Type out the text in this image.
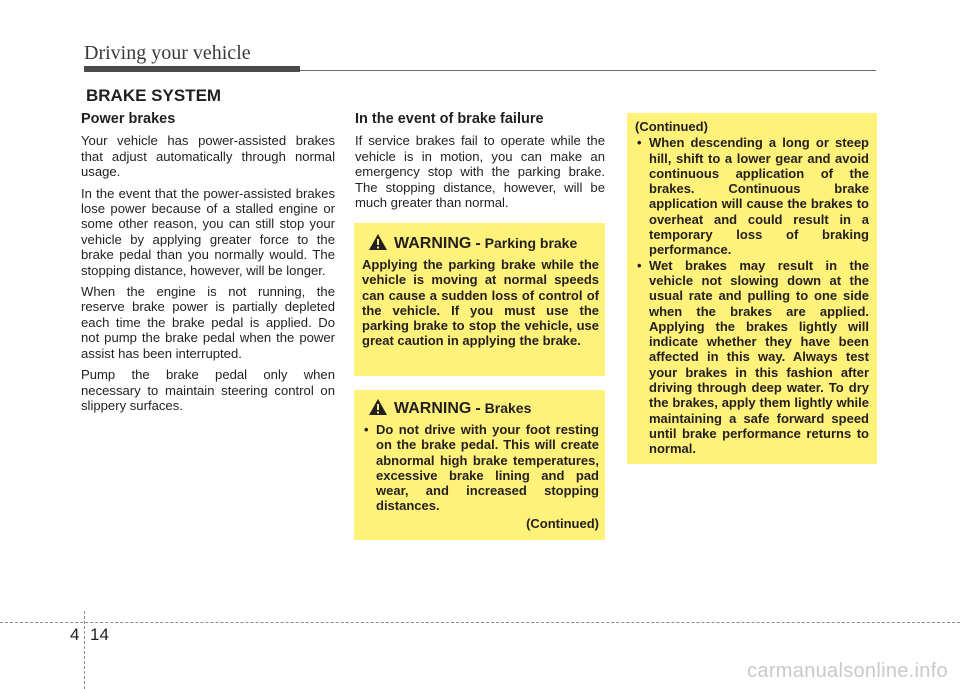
Driving your vehicle
BRAKE SYSTEM
Power brakes

Your vehicle has power-assisted brakes that adjust automatically through normal usage.

In the event that the power-assisted brakes lose power because of a stalled engine or some other reason, you can still stop your vehicle by applying greater force to the brake pedal than you normally would. The stopping distance, however, will be longer.

When the engine is not running, the reserve brake power is partially depleted each time the brake pedal is applied. Do not pump the brake pedal when the power assist has been interrupted.

Pump the brake pedal only when necessary to maintain steering control on slippery surfaces.

In the event of brake failure

If service brakes fail to operate while the vehicle is in motion, you can make an emergency stop with the parking brake. The stopping distance, however, will be much greater than normal.

WARNING - Parking brake

Applying the parking brake while the vehicle is moving at normal speeds can cause a sudden loss of control of the vehicle. If you must use the parking brake to stop the vehicle, use great caution in applying the brake.

WARNING - Brakes
• Do not drive with your foot resting on the brake pedal. This will create abnormal high brake temperatures, excessive brake lining and pad wear, and increased stopping distances.
(Continued)
(Continued)
• When descending a long or steep hill, shift to a lower gear and avoid continuous application of the brakes. Continuous brake application will cause the brakes to overheat and could result in a temporary loss of braking performance.
• Wet brakes may result in the vehicle not slowing down at the usual rate and pulling to one side when the brakes are applied. Applying the brakes lightly will indicate whether they have been affected in this way. Always test your brakes in this fashion after driving through deep water. To dry the brakes, apply them lightly while maintaining a safe forward speed until brake performance returns to normal.
4 14
carmanualsonline.info
